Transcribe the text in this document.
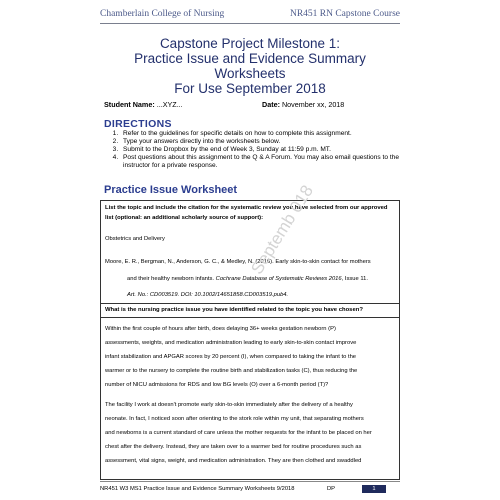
Chamberlain College of Nursing	NR451 RN Capstone Course
Capstone Project Milestone 1:
Practice Issue and Evidence Summary Worksheets
For Use September 2018
Student Name: ...XYZ...	Date: November xx, 2018
DIRECTIONS
1. Refer to the guidelines for specific details on how to complete this assignment.
2. Type your answers directly into the worksheets below.
3. Submit to the Dropbox by the end of Week 3, Sunday at 11:59 p.m. MT.
4. Post questions about this assignment to the Q & A Forum. You may also email questions to the instructor for a private response.
Practice Issue Worksheet
List the topic and include the citation for the systematic review you have selected from our approved list (optional: an additional scholarly source of support):
Obstetrics and Delivery
Moore, E. R., Bergman, N., Anderson, G. C., & Medley, N. (2016). Early skin-to-skin contact for mothers
and their healthy newborn infants. Cochrane Database of Systematic Reviews 2016, Issue 11.
Art. No.: CD003519. DOI: 10.1002/14651858.CD003519.pub4.
What is the nursing practice issue you have identified related to the topic you have chosen?
Within the first couple of hours after birth, does delaying 36+ weeks gestation newborn (P)
assessments, weights, and medication administration leading to early skin-to-skin contact improve
infant stabilization and APGAR scores by 20 percent (I), when compared to taking the infant to the
warmer or to the nursery to complete the routine birth and stabilization tasks (C), thus reducing the
number of NICU admissions for RDS and low BG levels (O) over a 6-month period (T)?
The facility I work at doesn't promote early skin-to-skin immediately after the delivery of a healthy
neonate. In fact, I noticed soon after orienting to the stork role within my unit, that separating mothers
and newborns is a current standard of care unless the mother requests for the infant to be placed on her
chest after the delivery. Instead, they are taken over to a warmer bed for routine procedures such as
assessment, vital signs, weight, and medication administration. They are then clothed and swaddled
Septemb 018
NR451 W3 MS1 Practice Issue and Evidence Summary Worksheets 9/2018	DP	1
